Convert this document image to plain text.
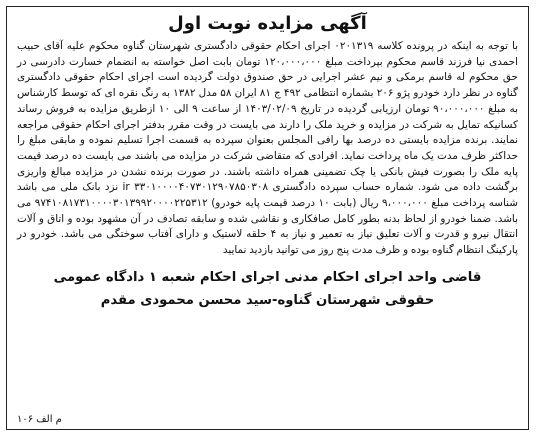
آگهی مزایده نوبت اول
با توجه به اینکه در پرونده کلاسه ۰۲۰۱۳۱۹ اجرای احکام حقوقی دادگستری شهرستان گناوه محکوم علیه آقای حبیب احمدی نیا فرزند قاسم محکوم بپرداخت مبلغ ۱۲۰،۰۰۰،۰۰۰ تومان بابت اصل خواسته به انضمام خسارت دادرسی در حق محکوم له قاسم برمکی و نیم عشر اجرایی در حق صندوق دولت گردیده است اجرای احکام حقوقی دادگستری گناوه در نظر دارد خودرو پژو ۲۰۶ بشماره انتظامی ۴۹۲ ج ۸۱ ایران ۵۸ مدل ۱۳۸۲ به رنگ نقره ای که توسط کارشناس به مبلغ ۹۰،۰۰۰،۰۰۰ تومان ارزیابی گردیده در تاریخ ۱۴۰۳/۰۲/۰۹ از ساعت ۹ الی ۱۰ ازطریق مزایده به فروش رساند کسانیکه تمایل به شرکت در مزایده و خرید ملک را دارند می بایست در وقت مقرر بدفتر اجرای احکام حقوقی مراجعه نمایند. برنده مزایده بایستی ده درصد بها رافی المجلس بعنوان سپرده به قسمت اجرا تسلیم نموده و مابقی مبلغ را حداکثر ظرف مدت یک ماه پرداخت نماید. افرادی که متقاضی شرکت در مزایده می باشند می بایست ده درصد قیمت پایه ملک را بصورت فیش بانکی یا چک تضمینی همراه داشته باشند. در صورت برنده نشدن در مزایده مبالغ واریزی برگشت داده می شود. شماره حساب سپرده دادگستری ۳۳۰۱۰۰۰۰۴۰۷۳۰۱۲۹۰۷۸۵۰۳۰۸ ir نزد بانک ملی می باشد شناسه پرداخت مبلغ ۹،۰۰۰،۰۰۰ ریال (بابت ۱۰ درصد قیمت پایه خودرو) ۹۷۴۱۰۸۱۷۳۱۰۰۰۰۳۰۱۳۹۹۲۰۰۰۰۲۲۵۳۱۲ می باشد. ضمنا خودرو از لحاظ بدنه بطور کامل صافکاری و نقاشی شده و سابقه تصادف در آن مشهود بوده و اتاق و آلات انتقال نیرو و قدرت و آلات تعلیق نیاز به تعمیر و نیاز به ۴ حلقه لاستیک و دارای آفتاب سوختگی می باشد. خودرو در پارکینگ انتظام گناوه بوده و ظرف مدت پنج روز می توانید بازدید نمایید
قاضی واحد اجرای احکام مدنی اجرای احکام شعبه ۱ دادگاه عمومی
حقوقی شهرستان گناوه-سید محسن محمودی مقدم
م الف ۱۰۶
